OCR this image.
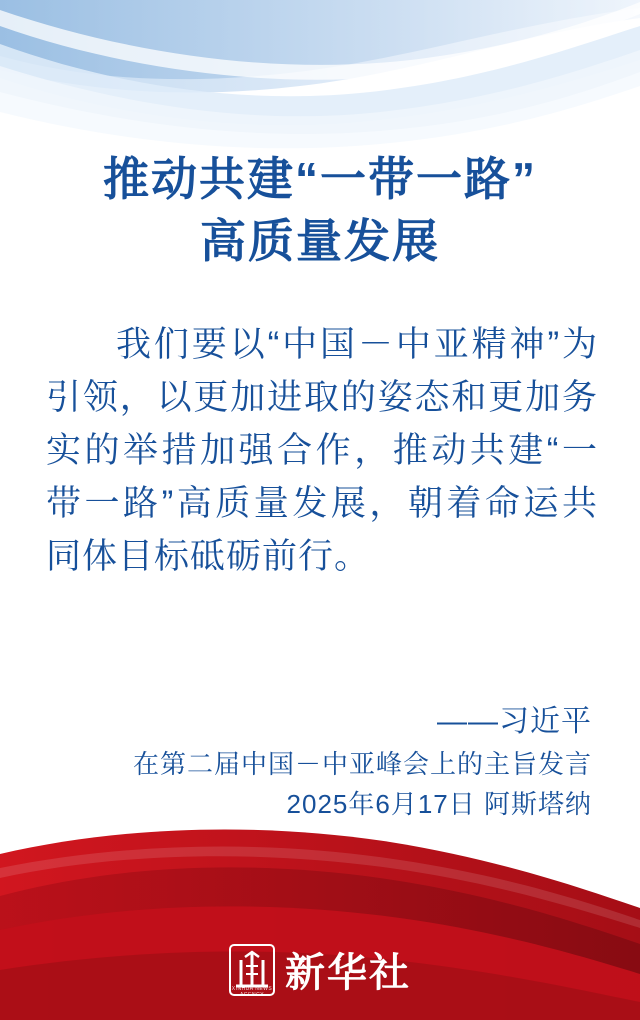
推动共建“一带一路”
高质量发展
我们要以“中国－中亚精神”为引领，以更加进取的姿态和更加务实的举措加强合作，推动共建“一带一路”高质量发展，朝着命运共同体目标砥砺前行。
——习近平
在第二届中国－中亚峰会上的主旨发言
2025年6月17日 阿斯塔纳
XINHUA NEWS AGENCY 新华社
